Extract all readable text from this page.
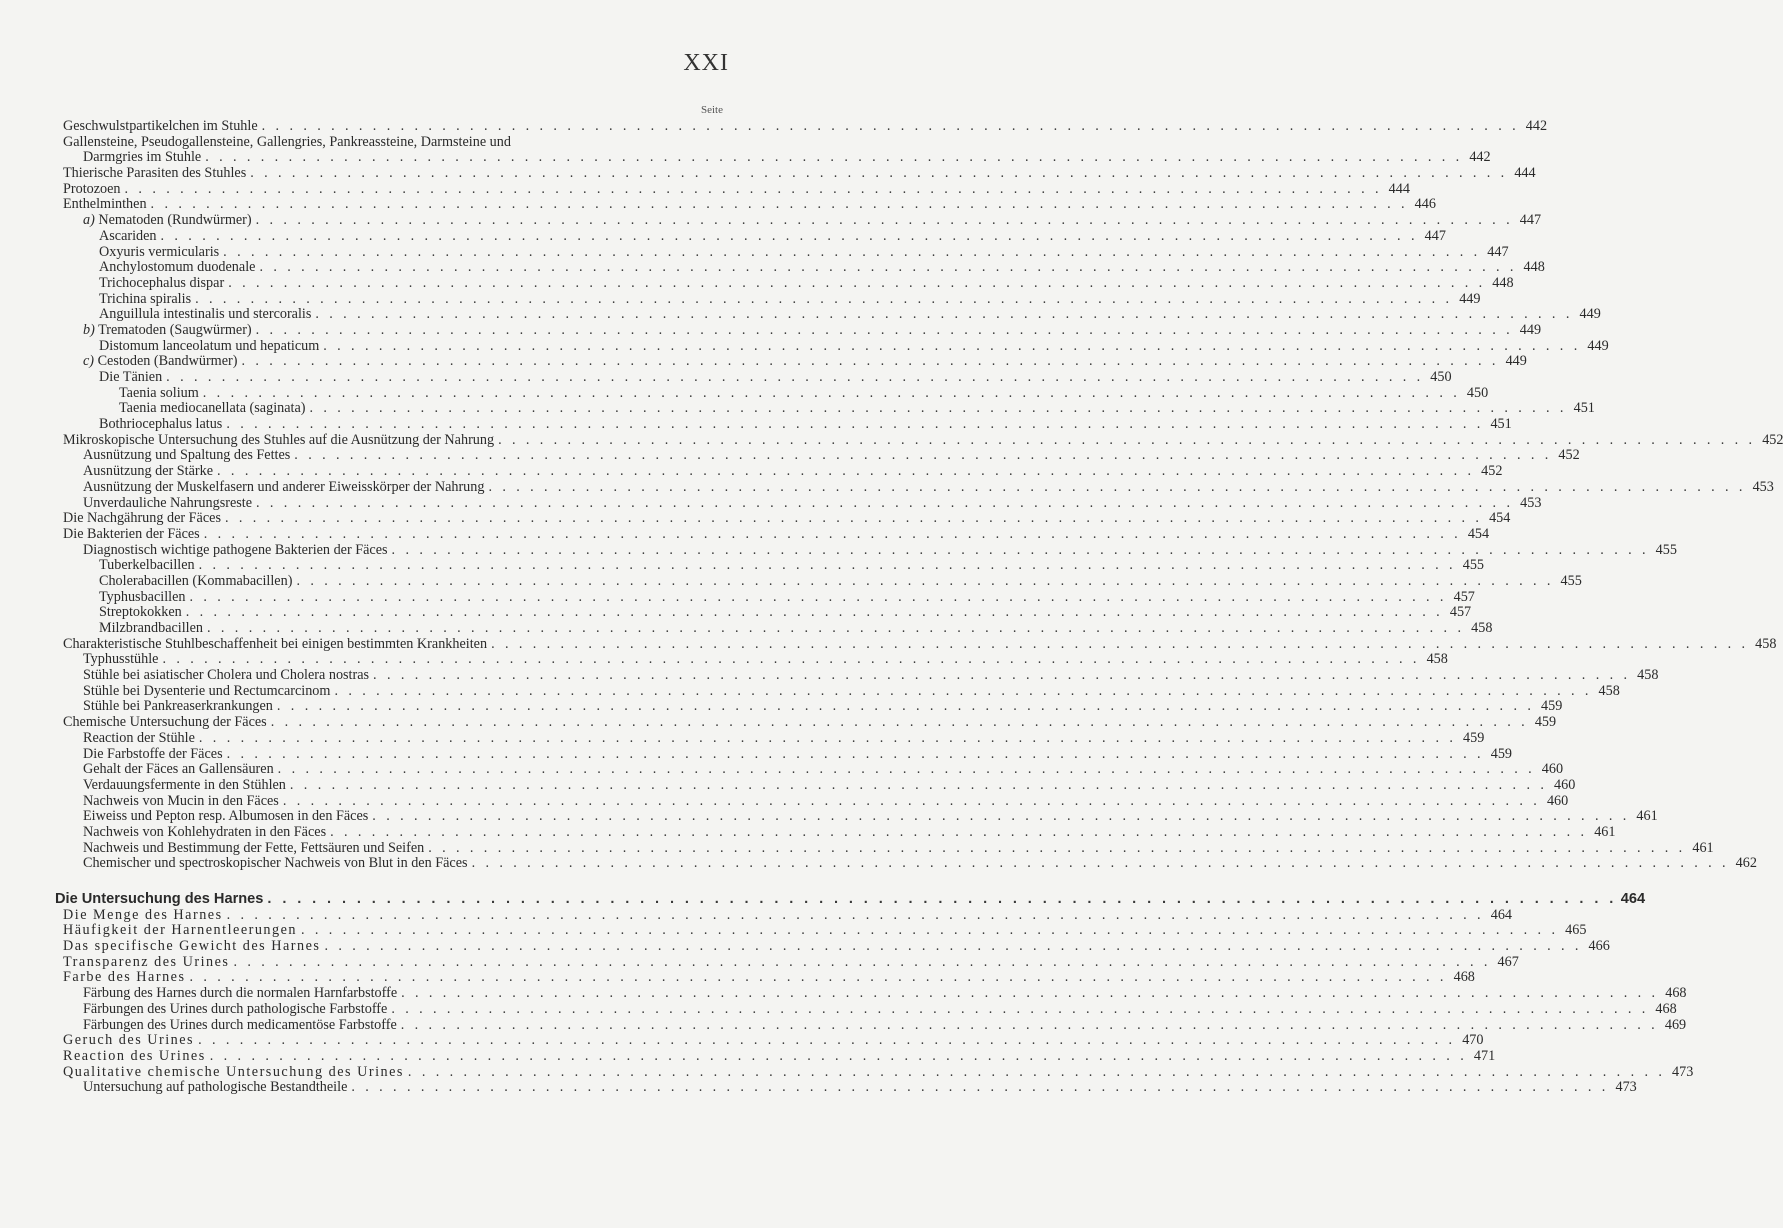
XXI
Seite
Geschwulstpartikelchen im Stuhle . . .	442
Gallensteine, Pseudogallensteine, Gallengries, Pankreassteine, Darmsteine und
Darmgries im Stuhle . . .	442
Thierische Parasiten des Stuhles . . .	444
Protozoen . . .	444
Enthelminthen . . .	446
a) Nematoden (Rundwürmer) . . .	447
Ascariden . . .	447
Oxyuris vermicularis . . .	447
Anchylostomum duodenale . . .	448
Trichocephalus dispar . . .	448
Trichina spiralis . . .	449
Anguillula intestinalis und stercoralis . . .	449
b) Trematoden (Saugwürmer) . . .	449
Distomum lanceolatum und hepaticum . . .	449
c) Cestoden (Bandwürmer) . . .	449
Die Tänien . . .	450
Taenia solium . . .	450
Taenia mediocanellata (saginata) . . .	451
Bothriocephalus latus . . .	451
Mikroskopische Untersuchung des Stuhles auf die Ausnützung der Nahrung . . .	452
Ausnützung und Spaltung des Fettes . . .	452
Ausnützung der Stärke . . .	452
Ausnützung der Muskelfasern und anderer Eiweisskörper der Nahrung . . .	453
Unverdauliche Nahrungsreste . . .	453
Die Nachgährung der Fäces . . .	454
Die Bakterien der Fäces . . .	454
Diagnostisch wichtige pathogene Bakterien der Fäces . . .	455
Tuberkelbacillen . . .	455
Cholerabacillen (Kommabacillen) . . .	455
Typhusbacillen . . .	457
Streptokokken . . .	457
Milzbrandbacillen . . .	458
Charakteristische Stuhlbeschaffenheit bei einigen bestimmten Krankheiten . . .	458
Typhusstühle . . .	458
Stühle bei asiatischer Cholera und Cholera nostras . . .	458
Stühle bei Dysenterie und Rectumcarcinom . . .	458
Stühle bei Pankreaserkrankungen . . .	459
Chemische Untersuchung der Fäces . . .	459
Reaction der Stühle . . .	459
Die Farbstoffe der Fäces . . .	459
Gehalt der Fäces an Gallensäuren . . .	460
Verdauungsfermente in den Stühlen . . .	460
Nachweis von Mucin in den Fäces . . .	460
Eiweiss und Pepton resp. Albumosen in den Fäces . . .	461
Nachweis von Kohlehydraten in den Fäces . . .	461
Nachweis und Bestimmung der Fette, Fettsäuren und Seifen . . .	461
Chemischer und spectroskopischer Nachweis von Blut in den Fäces . . .	462
Die Untersuchung des Harnes . . .	464
Die Menge des Harnes . . .	464
Häufigkeit der Harnentleerungen . . .	465
Das specifische Gewicht des Harnes . . .	466
Transparenz des Urines . . .	467
Farbe des Harnes . . .	468
Färbung des Harnes durch die normalen Harnfarbstoffe . . .	468
Färbungen des Urines durch pathologische Farbstoffe . . .	468
Färbungen des Urines durch medicamentöse Farbstoffe . . .	469
Geruch des Urines . . .	470
Reaction des Urines . . .	471
Qualitative chemische Untersuchung des Urines . . .	473
Untersuchung auf pathologische Bestandtheile . . .	473
